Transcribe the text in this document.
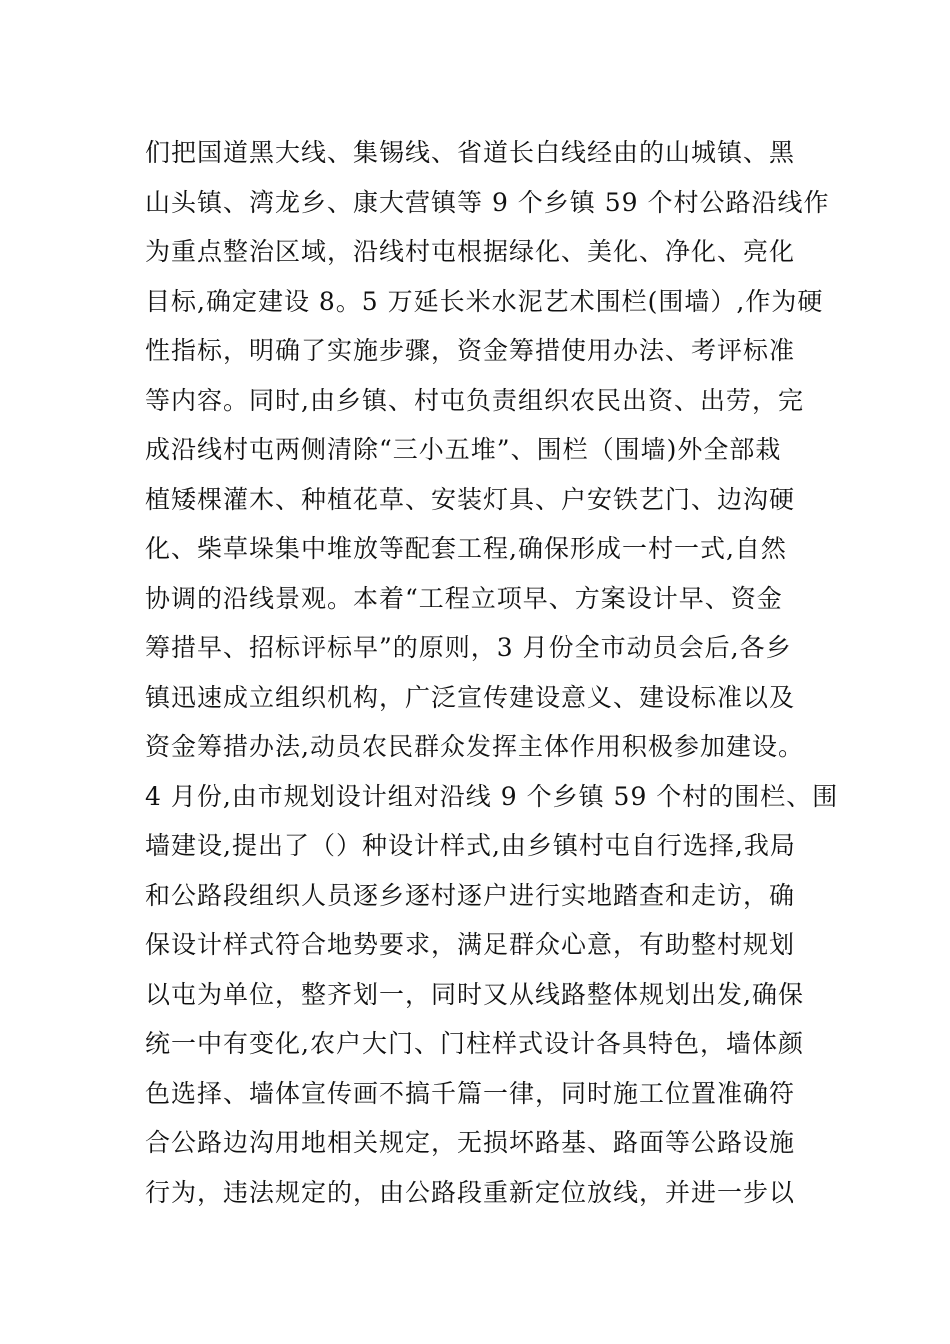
们把国道黑大线、集锡线、省道长白线经由的山城镇、黑
山头镇、湾龙乡、康大营镇等 9 个乡镇 59 个村公路沿线作
为重点整治区域，沿线村屯根据绿化、美化、净化、亮化
目标,确定建设 8。5 万延长米水泥艺术围栏(围墙）,作为硬
性指标，明确了实施步骤，资金筹措使用办法、考评标准
等内容。同时,由乡镇、村屯负责组织农民出资、出劳，完
成沿线村屯两侧清除“三小五堆”、围栏（围墙)外全部栽
植矮棵灌木、种植花草、安装灯具、户安铁艺门、边沟硬
化、柴草垛集中堆放等配套工程,确保形成一村一式,自然
协调的沿线景观。本着“工程立项早、方案设计早、资金
筹措早、招标评标早”的原则，3 月份全市动员会后,各乡
镇迅速成立组织机构，广泛宣传建设意义、建设标准以及
资金筹措办法,动员农民群众发挥主体作用积极参加建设。
4 月份,由市规划设计组对沿线 9 个乡镇 59 个村的围栏、围
墙建设,提出了（）种设计样式,由乡镇村屯自行选择,我局
和公路段组织人员逐乡逐村逐户进行实地踏查和走访，确
保设计样式符合地势要求，满足群众心意，有助整村规划
以屯为单位，整齐划一，同时又从线路整体规划出发,确保
统一中有变化,农户大门、门柱样式设计各具特色，墙体颜
色选择、墙体宣传画不搞千篇一律，同时施工位置准确符
合公路边沟用地相关规定，无损坏路基、路面等公路设施
行为，违法规定的，由公路段重新定位放线，并进一步以
